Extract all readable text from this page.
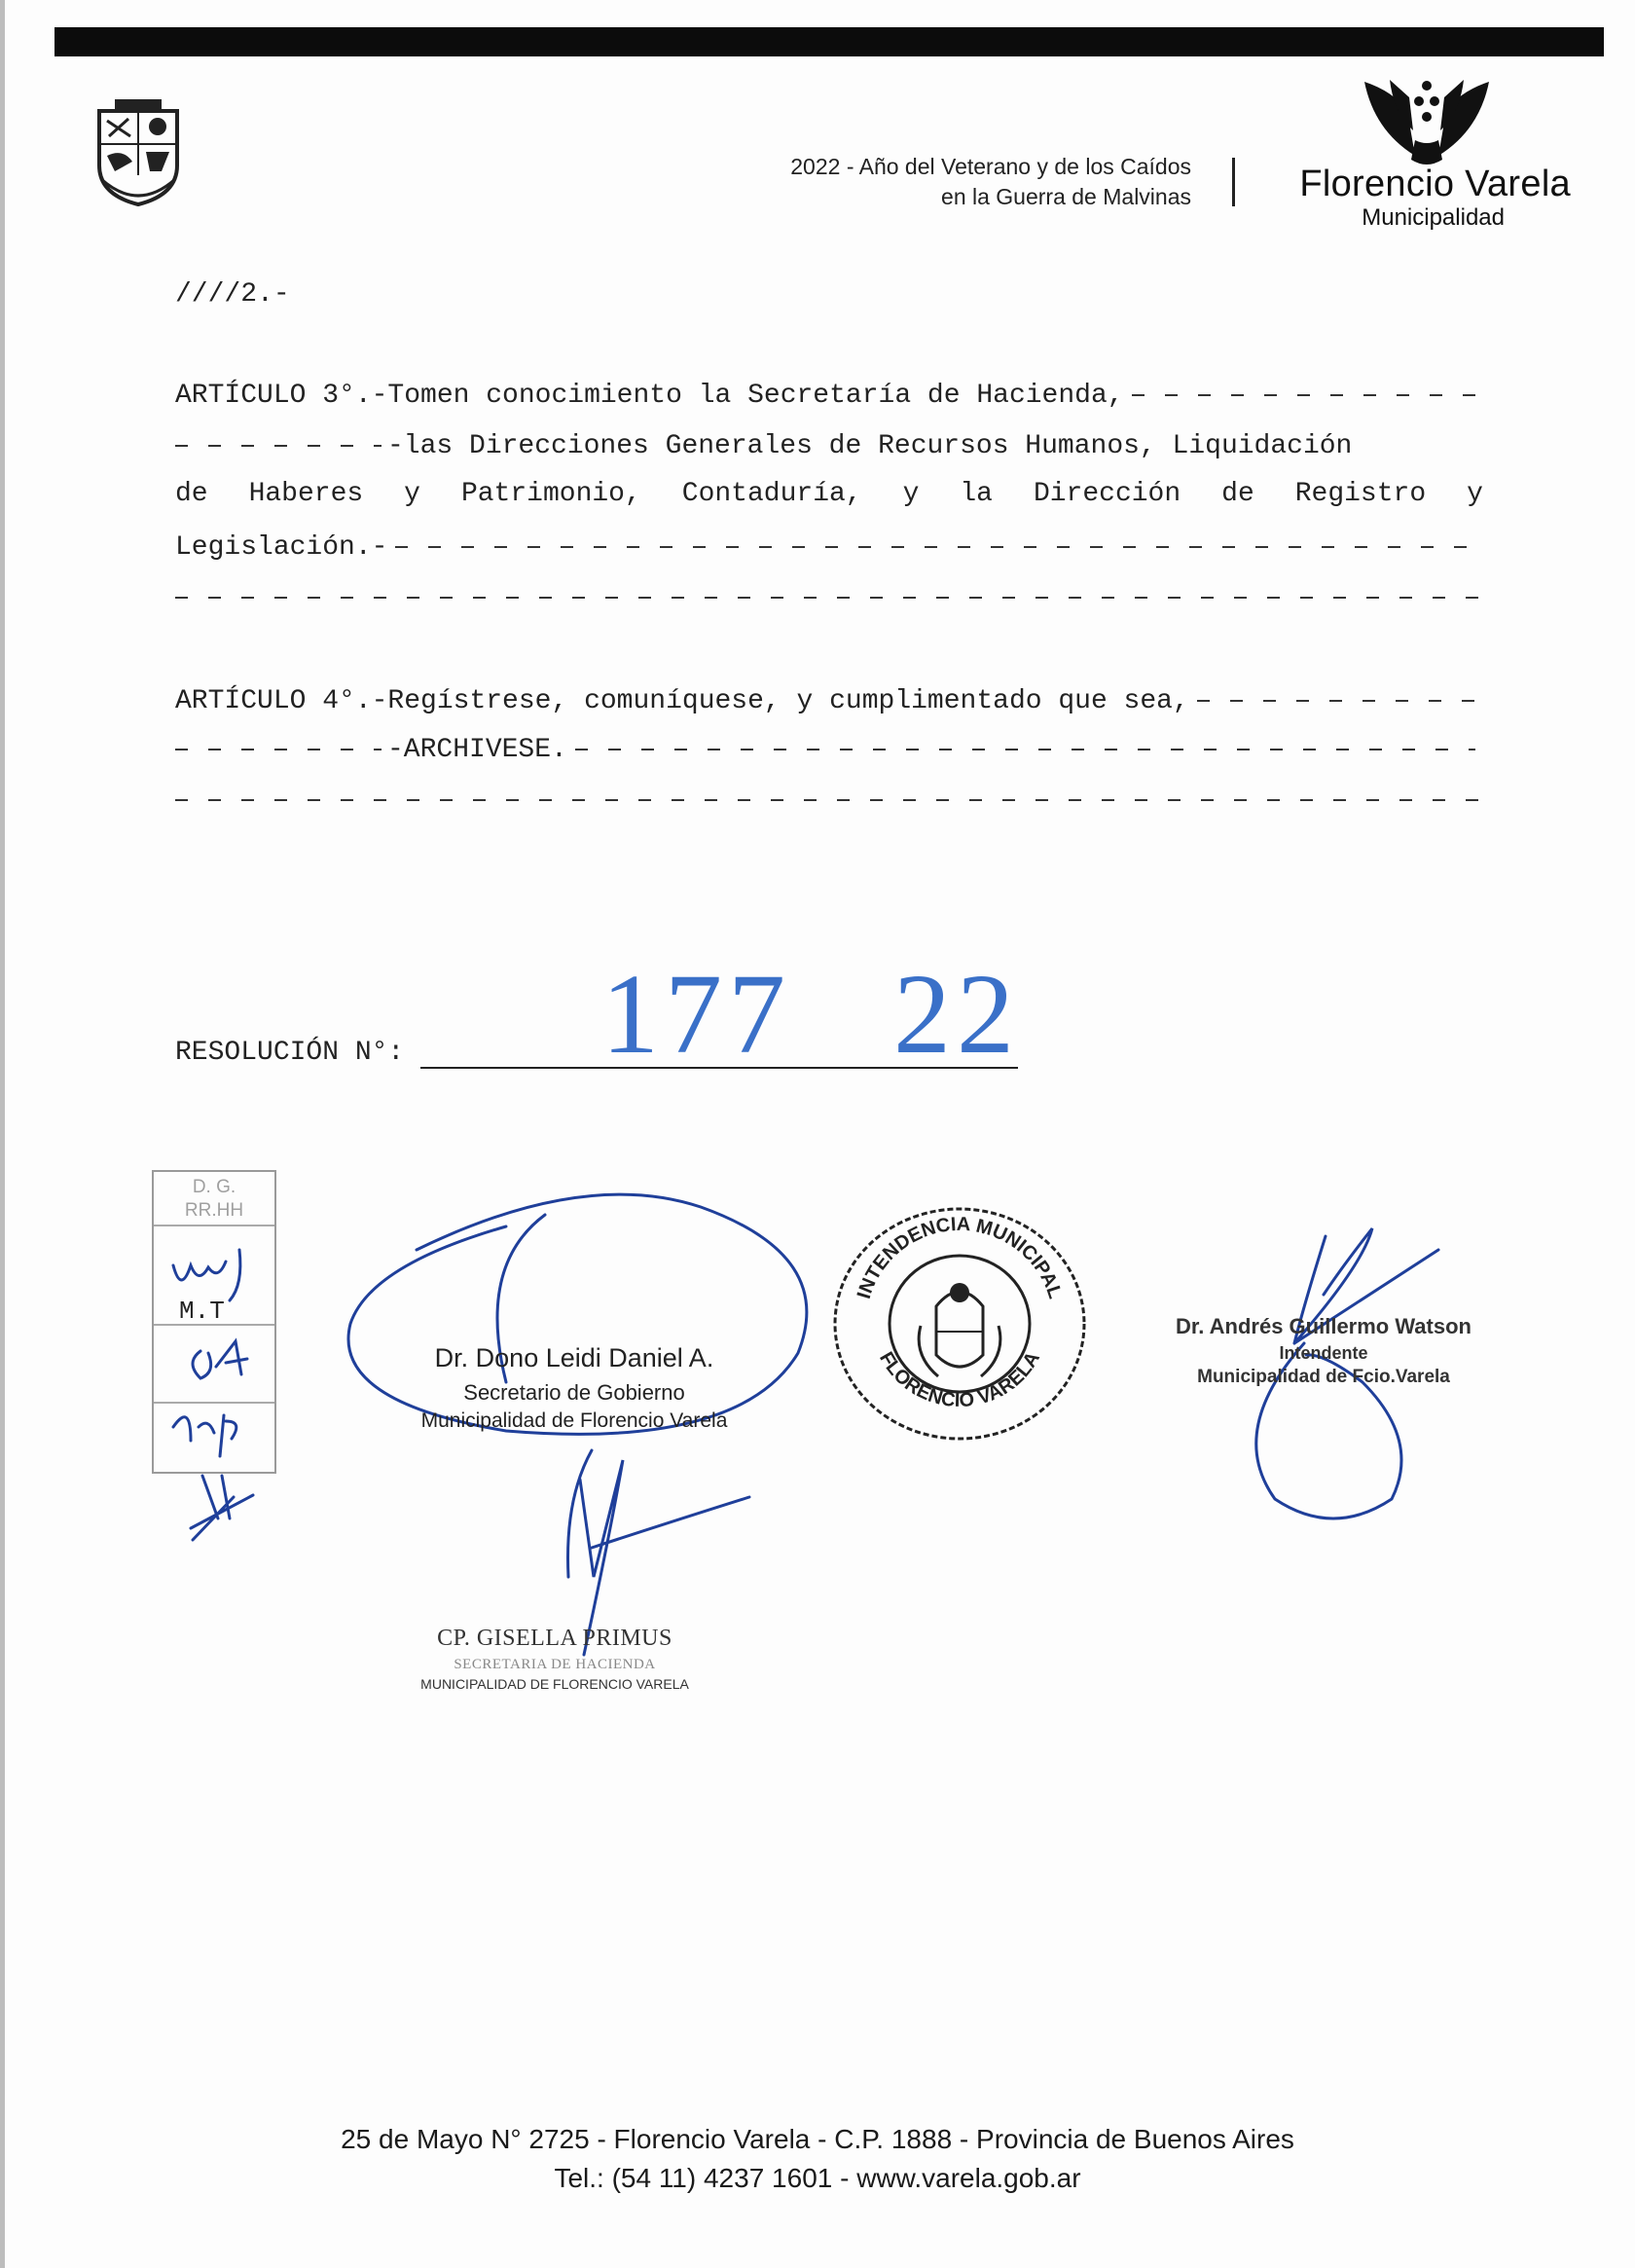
2022 - Año del Veterano y de los Caídos
en la Guerra de Malvinas	Florencio Varela
Municipalidad
////2.-
ARTÍCULO 3°.-Tomen conocimiento la Secretaría de Hacienda,
-las Direcciones Generales de Recursos Humanos, Liquidación
de Haberes y Patrimonio, Contaduría, y la Dirección de Registro y
Legislación.-
ARTÍCULO 4°.-Regístrese, comuníquese, y cumplimentado que sea,
-ARCHIVESE.
RESOLUCIÓN N°: 177 22
D. G.
RR.HH
M.T
Dr. Dono Leidi Daniel A.
Secretario de Gobierno
Municipalidad de Florencio Varela
INTENDENCIA MUNICIPAL
FLORENCIO VARELA
Dr. Andrés Guillermo Watson
Intendente
Municipalidad de Fcio.Varela
CP. GISELLA PRIMUS
SECRETARIA DE HACIENDA
MUNICIPALIDAD DE FLORENCIO VARELA
25 de Mayo N° 2725 - Florencio Varela - C.P. 1888 - Provincia de Buenos Aires
Tel.: (54 11) 4237 1601 - www.varela.gob.ar
